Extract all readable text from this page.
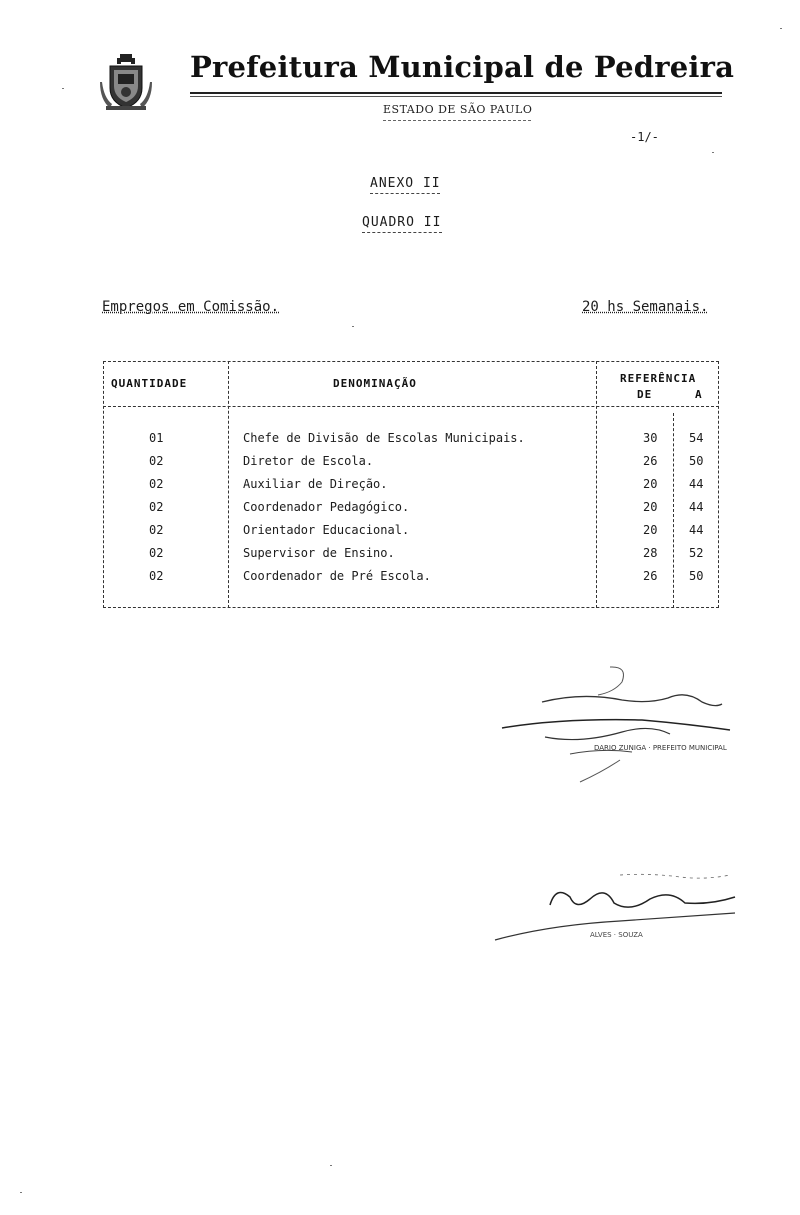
Prefeitura Municipal de Pedreira
ESTADO DE SÃO PAULO
-1/-
ANEXO II
QUADRO II
Empregos em Comissão.	20 hs Semanais.
QUANTIDADE	DENOMINAÇÃO	REFERÊNCIA
DE	A
01	Chefe de Divisão de Escolas Municipais.	30	54
02	Diretor de Escola.	26	50
02	Auxiliar de Direção.	20	44
02	Coordenador Pedagógico.	20	44
02	Orientador Educacional.	20	44
02	Supervisor de Ensino.	28	52
02	Coordenador de Pré Escola.	26	50
DARIO ZUNIGA · PREFEITO MUNICIPAL
ALVES · SOUZA
